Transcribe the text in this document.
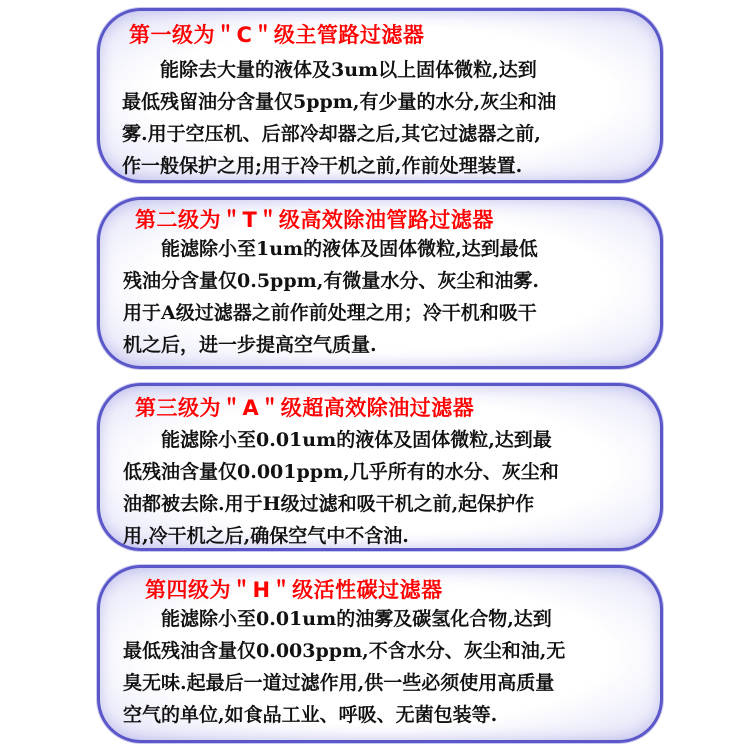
第一级为＂C＂级主管路过滤器
　　能除去大量的液体及3um以上固体微粒,达到
最低残留油分含量仅5ppm,有少量的水分,灰尘和油
雾.用于空压机、后部冷却器之后,其它过滤器之前,
作一般保护之用;用于冷干机之前,作前处理装置.
第二级为＂T＂级高效除油管路过滤器
　　能滤除小至1um的液体及固体微粒,达到最低
残油分含量仅0.5ppm,有微量水分、灰尘和油雾.
用于A级过滤器之前作前处理之用；冷干机和吸干
机之后，进一步提高空气质量.
第三级为＂A＂级超高效除油过滤器
　　能滤除小至0.01um的液体及固体微粒,达到最
低残油含量仅0.001ppm,几乎所有的水分、灰尘和
油都被去除.用于H级过滤和吸干机之前,起保护作
用,冷干机之后,确保空气中不含油.
第四级为＂H＂级活性碳过滤器
　　能滤除小至0.01um的油雾及碳氢化合物,达到
最低残油含量仅0.003ppm,不含水分、灰尘和油,无
臭无味.起最后一道过滤作用,供一些必须使用高质量
空气的单位,如食品工业、呼吸、无菌包装等.
